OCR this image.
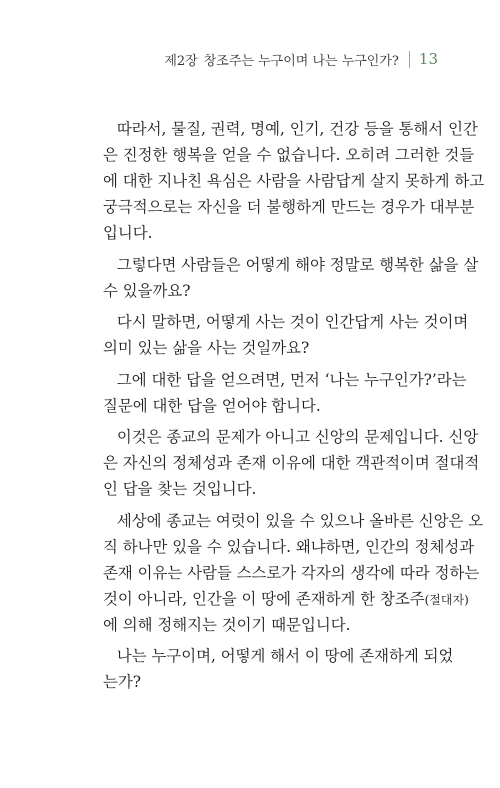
제2장 창조주는 누구이며 나는 누구인가? 13
따라서, 물질, 권력, 명예, 인기, 건강 등을 통해서 인간
은 진정한 행복을 얻을 수 없습니다. 오히려 그러한 것들
에 대한 지나친 욕심은 사람을 사람답게 살지 못하게 하고
궁극적으로는 자신을 더 불행하게 만드는 경우가 대부분
입니다.
그렇다면 사람들은 어떻게 해야 정말로 행복한 삶을 살
수 있을까요?
다시 말하면, 어떻게 사는 것이 인간답게 사는 것이며
의미 있는 삶을 사는 것일까요?
그에 대한 답을 얻으려면, 먼저 ‘나는 누구인가?’라는
질문에 대한 답을 얻어야 합니다.
이것은 종교의 문제가 아니고 신앙의 문제입니다. 신앙
은 자신의 정체성과 존재 이유에 대한 객관적이며 절대적
인 답을 찾는 것입니다.
세상에 종교는 여럿이 있을 수 있으나 올바른 신앙은 오
직 하나만 있을 수 있습니다. 왜냐하면, 인간의 정체성과
존재 이유는 사람들 스스로가 각자의 생각에 따라 정하는
것이 아니라, 인간을 이 땅에 존재하게 한 창조주(절대자)
에 의해 정해지는 것이기 때문입니다.
나는 누구이며, 어떻게 해서 이 땅에 존재하게 되었
는가?
